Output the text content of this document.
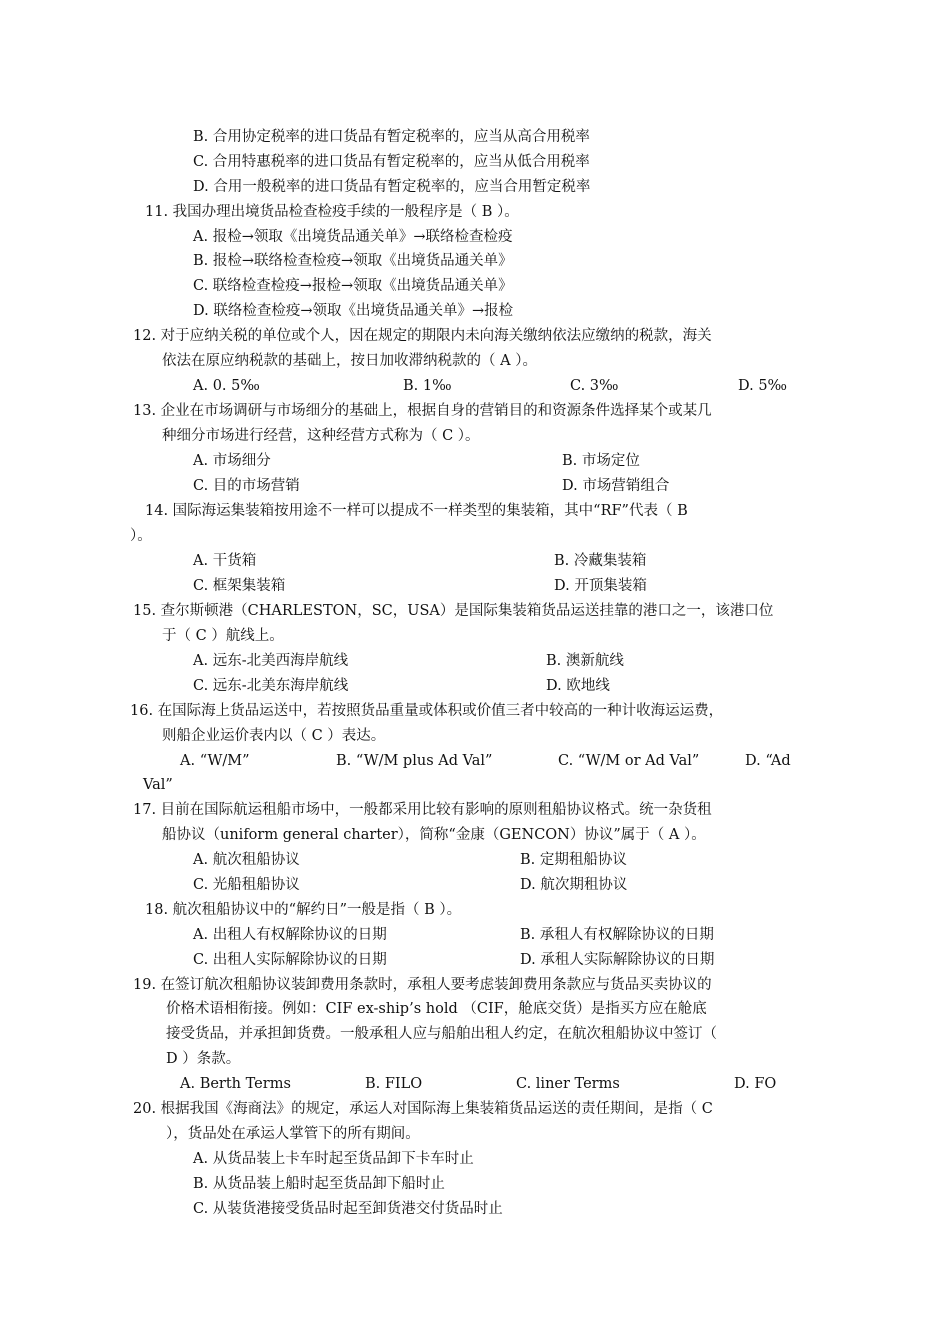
B. 合用协定税率的进口货品有暂定税率的，应当从高合用税率
C. 合用特惠税率的进口货品有暂定税率的，应当从低合用税率
D. 合用一般税率的进口货品有暂定税率的，应当合用暂定税率
11. 我国办理出境货品检查检疫手续的一般程序是（ B ）。
A. 报检→领取《出境货品通关单》→联络检查检疫
B. 报检→联络检查检疫→领取《出境货品通关单》
C. 联络检查检疫→报检→领取《出境货品通关单》
D. 联络检查检疫→领取《出境货品通关单》→报检
12. 对于应纳关税的单位或个人，因在规定的期限内未向海关缴纳依法应缴纳的税款，海关
依法在原应纳税款的基础上，按日加收滞纳税款的（ A ）。
A. 0. 5‰	B. 1‰	C. 3‰	D. 5‰
13. 企业在市场调研与市场细分的基础上，根据自身的营销目的和资源条件选择某个或某几
种细分市场进行经营，这种经营方式称为（ C ）。
A. 市场细分	B. 市场定位
C. 目的市场营销	D. 市场营销组合
14. 国际海运集装箱按用途不一样可以提成不一样类型的集装箱，其中“RF”代表（ B
）。
A. 干货箱	B. 冷藏集装箱
C. 框架集装箱	D. 开顶集装箱
15. 查尔斯顿港（CHARLESTON，SC，USA）是国际集装箱货品运送挂靠的港口之一，该港口位
于（ C ）航线上。
A. 远东-北美西海岸航线	B. 澳新航线
C. 远东-北美东海岸航线	D. 欧地线
16. 在国际海上货品运送中，若按照货品重量或体积或价值三者中较高的一种计收海运运费，
则船企业运价表内以（ C ）表达。
A. “W/M”	B. “W/M plus Ad Val”	C. “W/M or Ad Val”	D. “Ad
Val”
17. 目前在国际航运租船市场中，一般都采用比较有影响的原则租船协议格式。统一杂货租
船协议（uniform general charter），简称“金康（GENCON）协议”属于（ A ）。
A. 航次租船协议	B. 定期租船协议
C. 光船租船协议	D. 航次期租协议
18. 航次租船协议中的“解约日”一般是指（ B ）。
A. 出租人有权解除协议的日期	B. 承租人有权解除协议的日期
C. 出租人实际解除协议的日期	D. 承租人实际解除协议的日期
19. 在签订航次租船协议装卸费用条款时，承租人要考虑装卸费用条款应与货品买卖协议的
价格术语相衔接。例如：CIF ex-ship’s hold （CIF，舱底交货）是指买方应在舱底
接受货品，并承担卸货费。一般承租人应与船舶出租人约定，在航次租船协议中签订（
D ）条款。
A. Berth Terms	B. FILO	C. liner Terms	D. FO
20. 根据我国《海商法》的规定，承运人对国际海上集装箱货品运送的责任期间，是指（ C
），货品处在承运人掌管下的所有期间。
A. 从货品装上卡车时起至货品卸下卡车时止
B. 从货品装上船时起至货品卸下船时止
C. 从装货港接受货品时起至卸货港交付货品时止
